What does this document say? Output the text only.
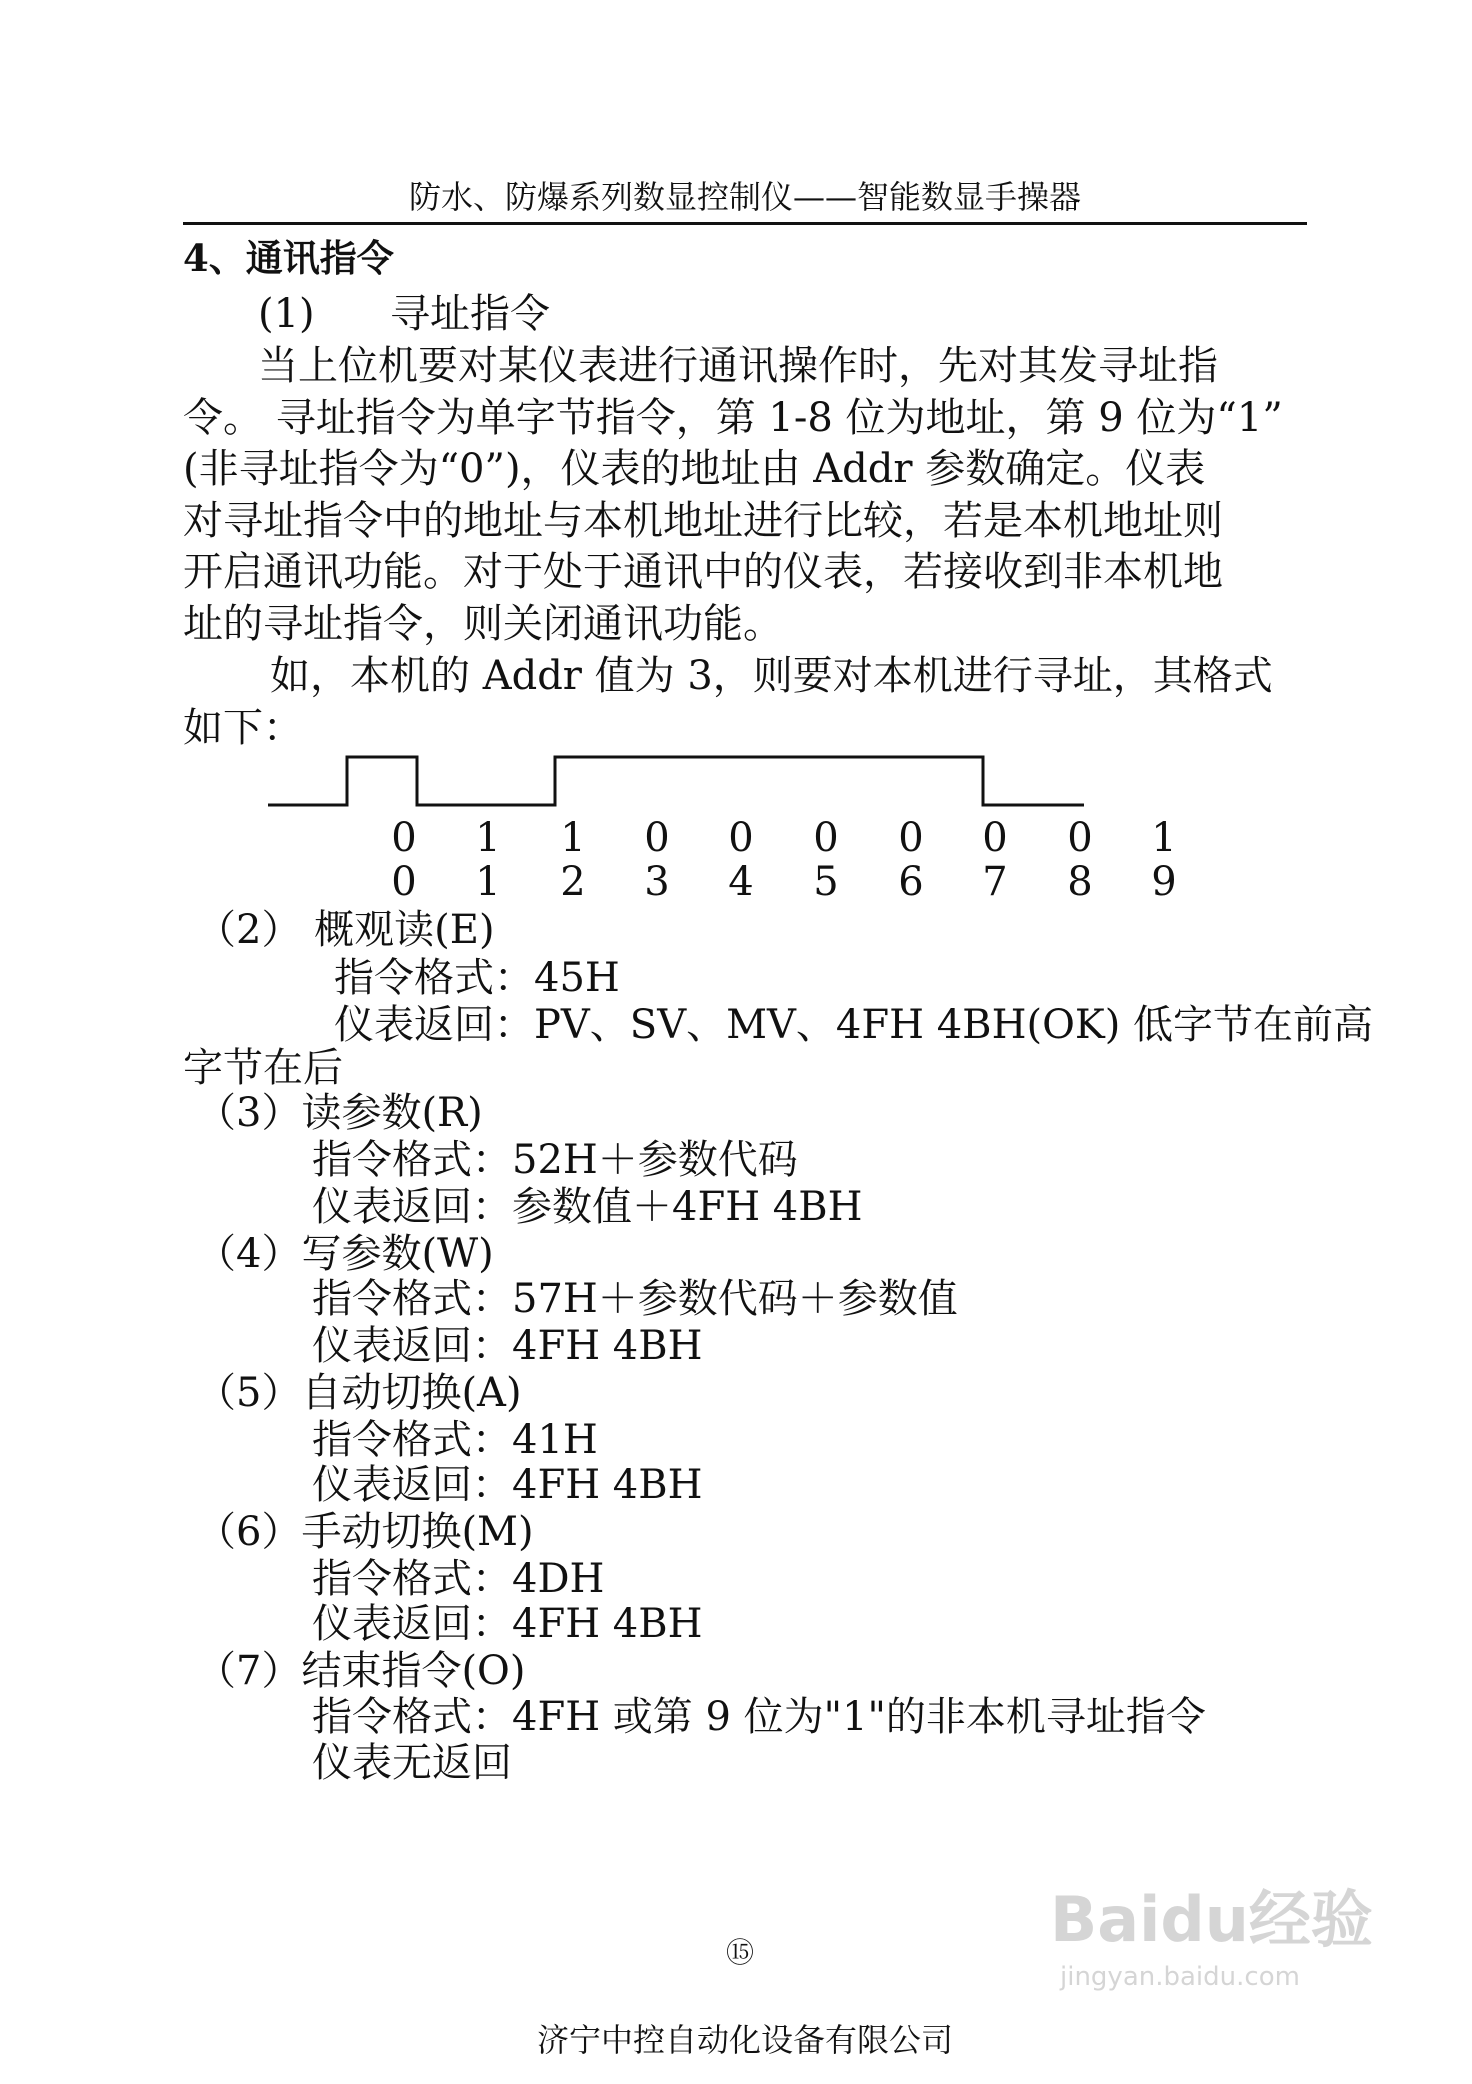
防水、防爆系列数显控制仪——智能数显手操器
4、通讯指令
(1) 寻址指令
当上位机要对某仪表进行通讯操作时，先对其发寻址指
令。 寻址指令为单字节指令，第 1-8 位为地址，第 9 位为“1”
(非寻址指令为“0”)，仪表的地址由 Addr 参数确定。仪表
对寻址指令中的地址与本机地址进行比较，若是本机地址则
开启通讯功能。对于处于通讯中的仪表，若接收到非本机地
址的寻址指令，则关闭通讯功能。
如，本机的 Addr 值为 3，则要对本机进行寻址，其格式
如下：
0
0
1
1
1
2
0
3
0
4
0
5
0
6
0
7
0
8
1
9
（2） 概观读(E)
指令格式：45H
仪表返回：PV、SV、MV、4FH 4BH(OK) 低字节在前高
字节在后
（3）读参数(R)
指令格式：52H＋参数代码
仪表返回：参数值＋4FH 4BH
（4）写参数(W)
指令格式：57H＋参数代码＋参数值
仪表返回：4FH 4BH
（5）自动切换(A)
指令格式：41H
仪表返回：4FH 4BH
（6）手动切换(M)
指令格式：4DH
仪表返回：4FH 4BH
（7）结束指令(O)
指令格式：4FH 或第 9 位为"1"的非本机寻址指令
仪表无返回
⑮
济宁中控自动化设备有限公司
Baidu经验
jingyan.baidu.com
